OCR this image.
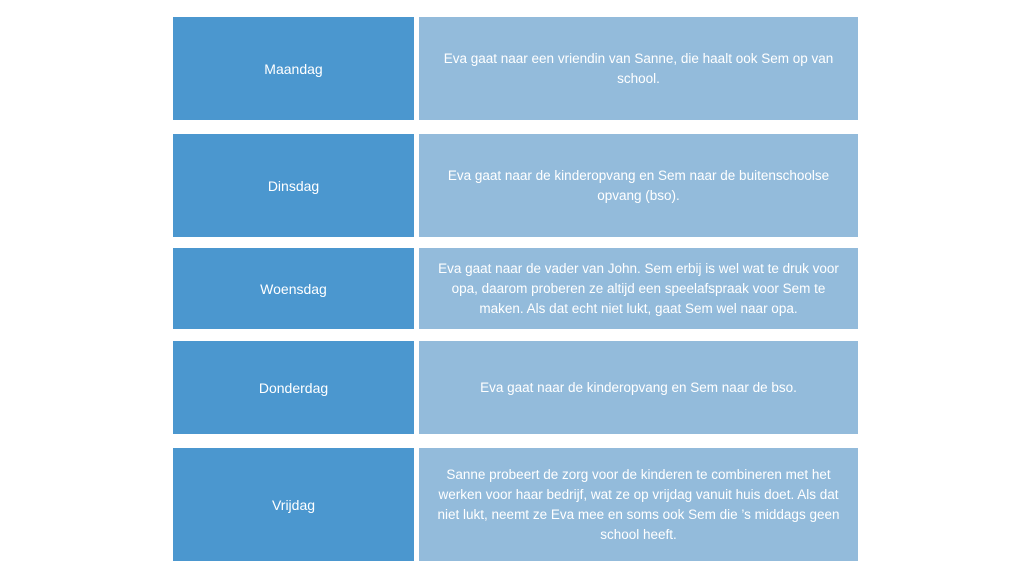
Maandag
Eva gaat naar een vriendin van Sanne, die haalt ook Sem op van school.
Dinsdag
Eva gaat naar de kinderopvang en Sem naar de buitenschoolse opvang (bso).
Woensdag
Eva gaat naar de vader van John. Sem erbij is wel wat te druk voor opa, daarom proberen ze altijd een speelafspraak voor Sem te maken. Als dat echt niet lukt, gaat Sem wel naar opa.
Donderdag	Eva gaat naar de kinderopvang en Sem naar de bso.
Vrijdag
Sanne probeert de zorg voor de kinderen te combineren met het werken voor haar bedrijf, wat ze op vrijdag vanuit huis doet. Als dat niet lukt, neemt ze Eva mee en soms ook Sem die ’s middags geen school heeft.
